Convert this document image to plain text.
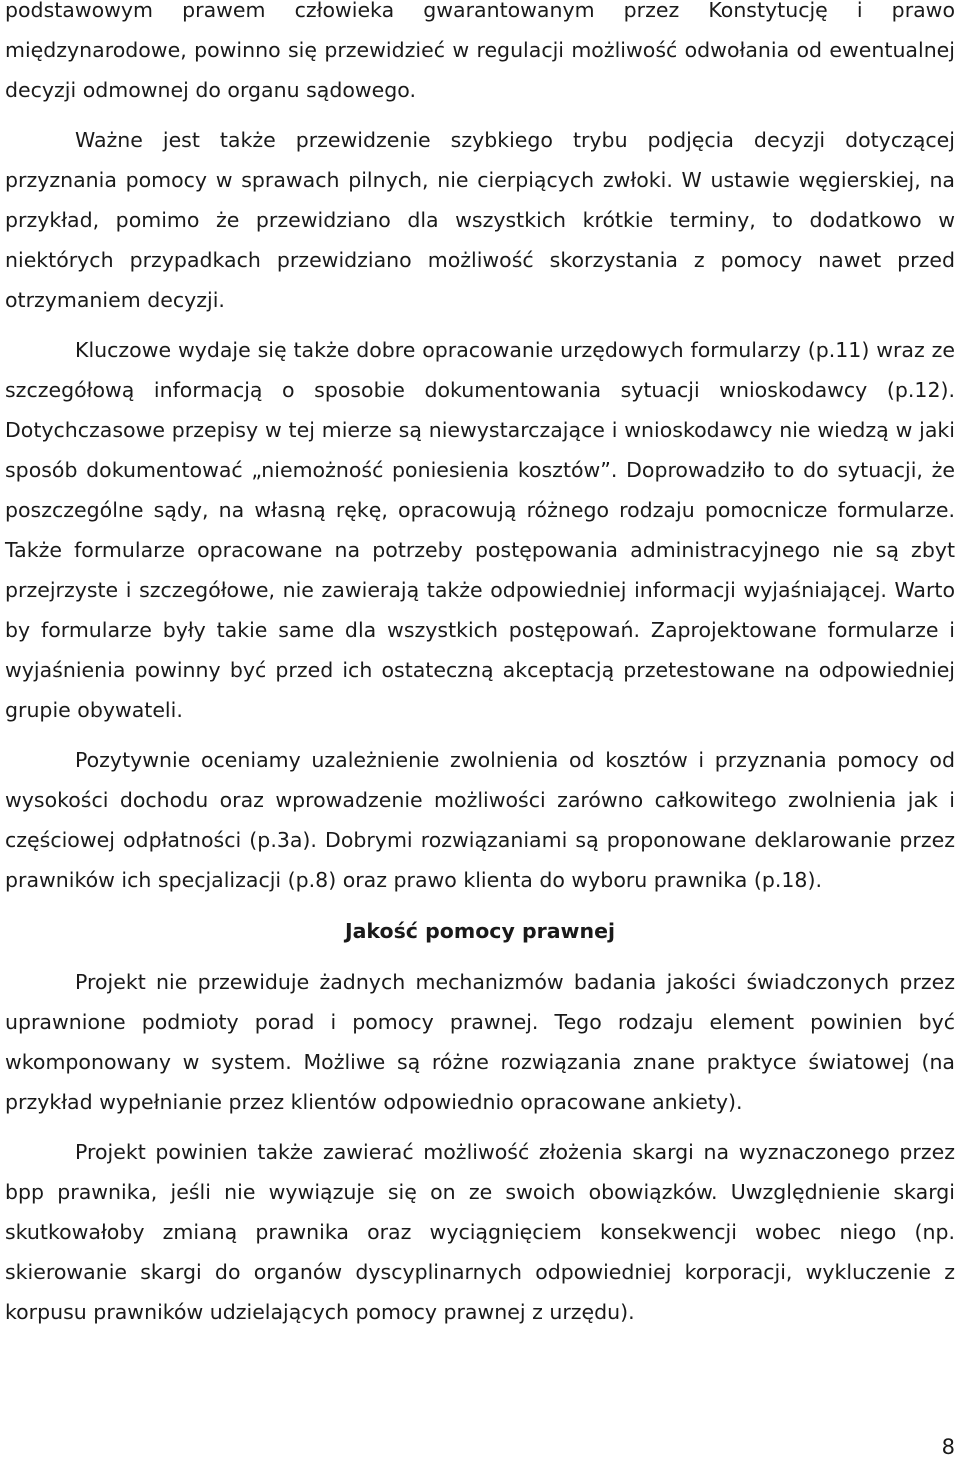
podstawowym prawem człowieka gwarantowanym przez Konstytucję i prawo międzynarodowe, powinno się przewidzieć w regulacji możliwość odwołania od ewentualnej decyzji odmownej do organu sądowego.

Ważne jest także przewidzenie szybkiego trybu podjęcia decyzji dotyczącej przyznania pomocy w sprawach pilnych, nie cierpiących zwłoki. W ustawie węgierskiej, na przykład, pomimo że przewidziano dla wszystkich krótkie terminy, to dodatkowo w niektórych przypadkach przewidziano możliwość skorzystania z pomocy nawet przed otrzymaniem decyzji.

Kluczowe wydaje się także dobre opracowanie urzędowych formularzy (p.11) wraz ze szczegółową informacją o sposobie dokumentowania sytuacji wnioskodawcy (p.12). Dotychczasowe przepisy w tej mierze są niewystarczające i wnioskodawcy nie wiedzą w jaki sposób dokumentować „niemożność poniesienia kosztów”. Doprowadziło to do sytuacji, że poszczególne sądy, na własną rękę, opracowują różnego rodzaju pomocnicze formularze. Także formularze opracowane na potrzeby postępowania administracyjnego nie są zbyt przejrzyste i szczegółowe, nie zawierają także odpowiedniej informacji wyjaśniającej. Warto by formularze były takie same dla wszystkich postępowań. Zaprojektowane formularze i wyjaśnienia powinny być przed ich ostateczną akceptacją przetestowane na odpowiedniej grupie obywateli.

Pozytywnie oceniamy uzależnienie zwolnienia od kosztów i przyznania pomocy od wysokości dochodu oraz wprowadzenie możliwości zarówno całkowitego zwolnienia jak i częściowej odpłatności (p.3a). Dobrymi rozwiązaniami są proponowane deklarowanie przez prawników ich specjalizacji (p.8) oraz prawo klienta do wyboru prawnika (p.18).

Jakość pomocy prawnej

Projekt nie przewiduje żadnych mechanizmów badania jakości świadczonych przez uprawnione podmioty porad i pomocy prawnej. Tego rodzaju element powinien być wkomponowany w system. Możliwe są różne rozwiązania znane praktyce światowej (na przykład wypełnianie przez klientów odpowiednio opracowane ankiety).

Projekt powinien także zawierać możliwość złożenia skargi na wyznaczonego przez bpp prawnika, jeśli nie wywiązuje się on ze swoich obowiązków. Uwzględnienie skargi skutkowałoby zmianą prawnika oraz wyciągnięciem konsekwencji wobec niego (np. skierowanie skargi do organów dyscyplinarnych odpowiedniej korporacji, wykluczenie z korpusu prawników udzielających pomocy prawnej z urzędu).

8
